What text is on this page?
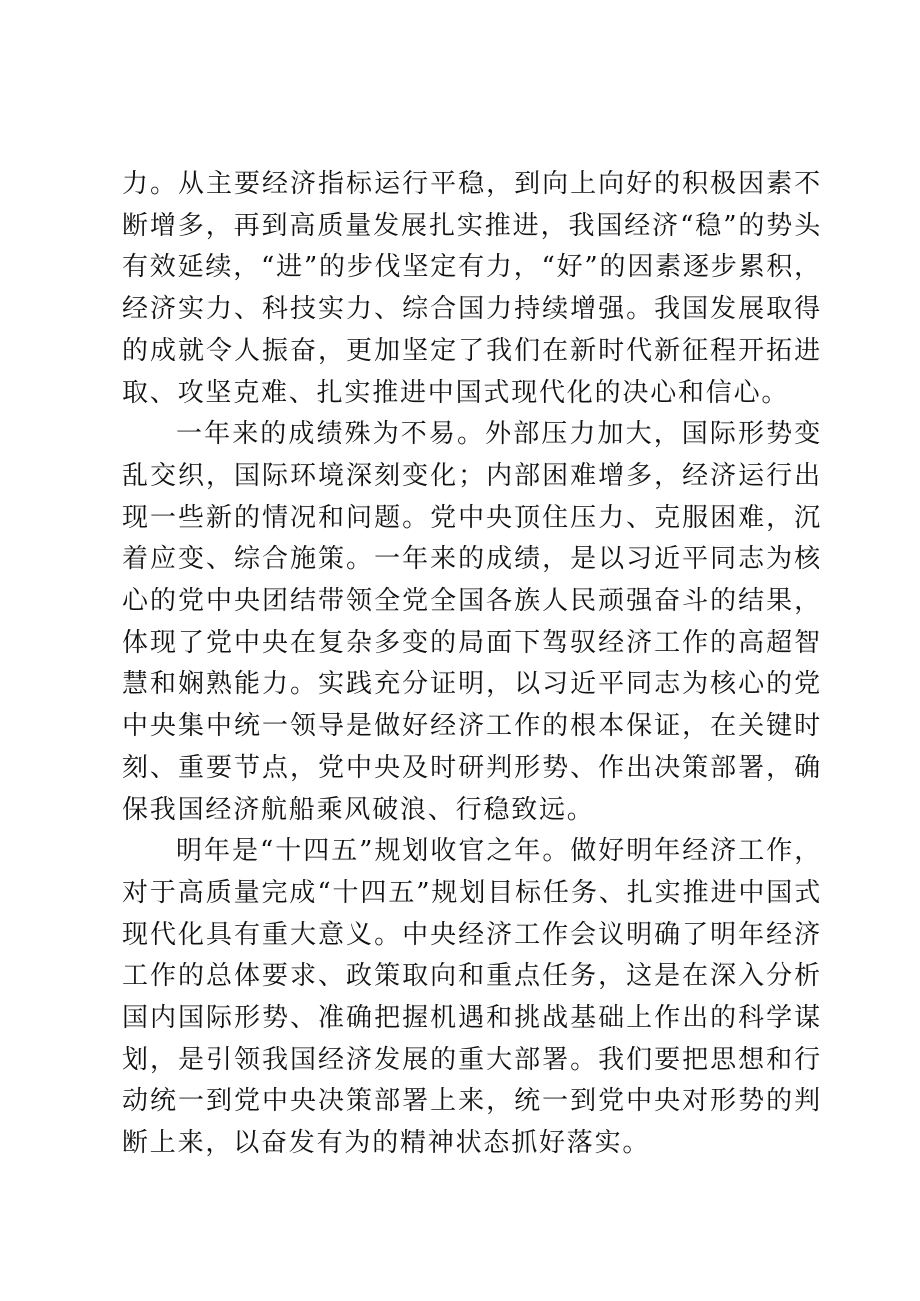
力。从主要经济指标运行平稳，到向上向好的积极因素不断增多，再到高质量发展扎实推进，我国经济“稳”的势头有效延续，“进”的步伐坚定有力，“好”的因素逐步累积，经济实力、科技实力、综合国力持续增强。我国发展取得的成就令人振奋，更加坚定了我们在新时代新征程开拓进取、攻坚克难、扎实推进中国式现代化的决心和信心。

一年来的成绩殊为不易。外部压力加大，国际形势变乱交织，国际环境深刻变化；内部困难增多，经济运行出现一些新的情况和问题。党中央顶住压力、克服困难，沉着应变、综合施策。一年来的成绩，是以习近平同志为核心的党中央团结带领全党全国各族人民顽强奋斗的结果，体现了党中央在复杂多变的局面下驾驭经济工作的高超智慧和娴熟能力。实践充分证明，以习近平同志为核心的党中央集中统一领导是做好经济工作的根本保证，在关键时刻、重要节点，党中央及时研判形势、作出决策部署，确保我国经济航船乘风破浪、行稳致远。

明年是“十四五”规划收官之年。做好明年经济工作，对于高质量完成“十四五”规划目标任务、扎实推进中国式现代化具有重大意义。中央经济工作会议明确了明年经济工作的总体要求、政策取向和重点任务，这是在深入分析国内国际形势、准确把握机遇和挑战基础上作出的科学谋划，是引领我国经济发展的重大部署。我们要把思想和行动统一到党中央决策部署上来，统一到党中央对形势的判断上来，以奋发有为的精神状态抓好落实。
